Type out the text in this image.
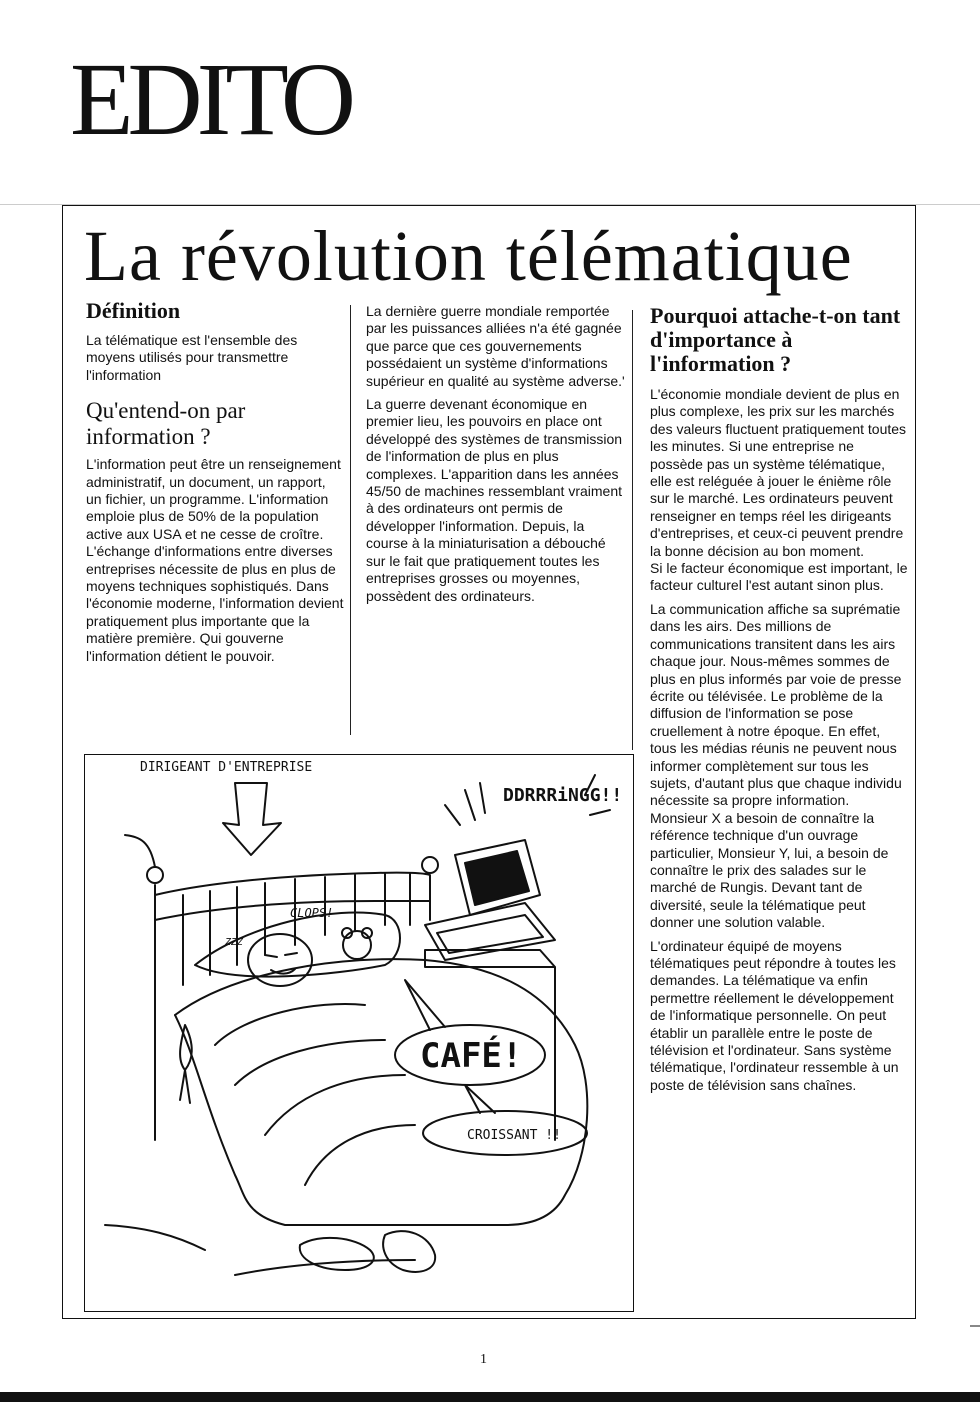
EDITO
La révolution télématique
Définition

La télématique est l'ensemble des moyens utilisés pour transmettre l'information

Qu'entend-on par information ?

L'information peut être un renseignement administratif, un document, un rapport, un fichier, un programme. L'information emploie plus de 50% de la population active aux USA et ne cesse de croître. L'échange d'informations entre diverses entreprises nécessite de plus en plus de moyens techniques sophistiqués. Dans l'économie moderne, l'information devient pratiquement plus importante que la matière première. Qui gouverne l'information détient le pouvoir.

La dernière guerre mondiale remportée par les puissances alliées n'a été gagnée que parce que ces gouvernements possédaient un système d'informations supérieur en qualité au système adverse.'

La guerre devenant économique en premier lieu, les pouvoirs en place ont développé des systèmes de transmission de l'information de plus en plus complexes. L'apparition dans les années 45/50 de machines ressemblant vraiment à des ordinateurs ont permis de développer l'information. Depuis, la course à la miniaturisation a débouché sur le fait que pratiquement toutes les entreprises grosses ou moyennes, possèdent des ordinateurs.

Pourquoi attache-t-on tant d'importance à l'information ?

L'économie mondiale devient de plus en plus complexe, les prix sur les marchés des valeurs fluctuent pratiquement toutes les minutes. Si une entreprise ne possède pas un système télématique, elle est reléguée à jouer le énième rôle sur le marché. Les ordinateurs peuvent renseigner en temps réel les dirigeants d'entreprises, et ceux-ci peuvent prendre la bonne décision au bon moment.

Si le facteur économique est important, le facteur culturel l'est autant sinon plus.

La communication affiche sa suprématie dans les airs. Des millions de communications transitent dans les airs chaque jour. Nous-mêmes sommes de plus en plus informés par voie de presse écrite ou télévisée. Le problème de la diffusion de l'information se pose cruellement à notre époque. En effet, tous les médias réunis ne peuvent nous informer complètement sur tous les sujets, d'autant plus que chaque individu nécessite sa propre information. Monsieur X a besoin de connaître la référence technique d'un ouvrage particulier, Monsieur Y, lui, a besoin de connaître le prix des salades sur le marché de Rungis. Devant tant de diversité, seule la télématique peut donner une solution valable.

L'ordinateur équipé de moyens télématiques peut répondre à toutes les demandes. La télématique va enfin permettre réellement le développement de l'informatique personnelle. On peut établir un parallèle entre le poste de télévision et l'ordinateur. Sans système télématique, l'ordinateur ressemble à un poste de télévision sans chaînes.

DIRIGEANT D'ENTREPRISE
DDRRRiNGG!!
CLOPS!
ZZZ
CAFÉ!
CROISSANT !!
1
